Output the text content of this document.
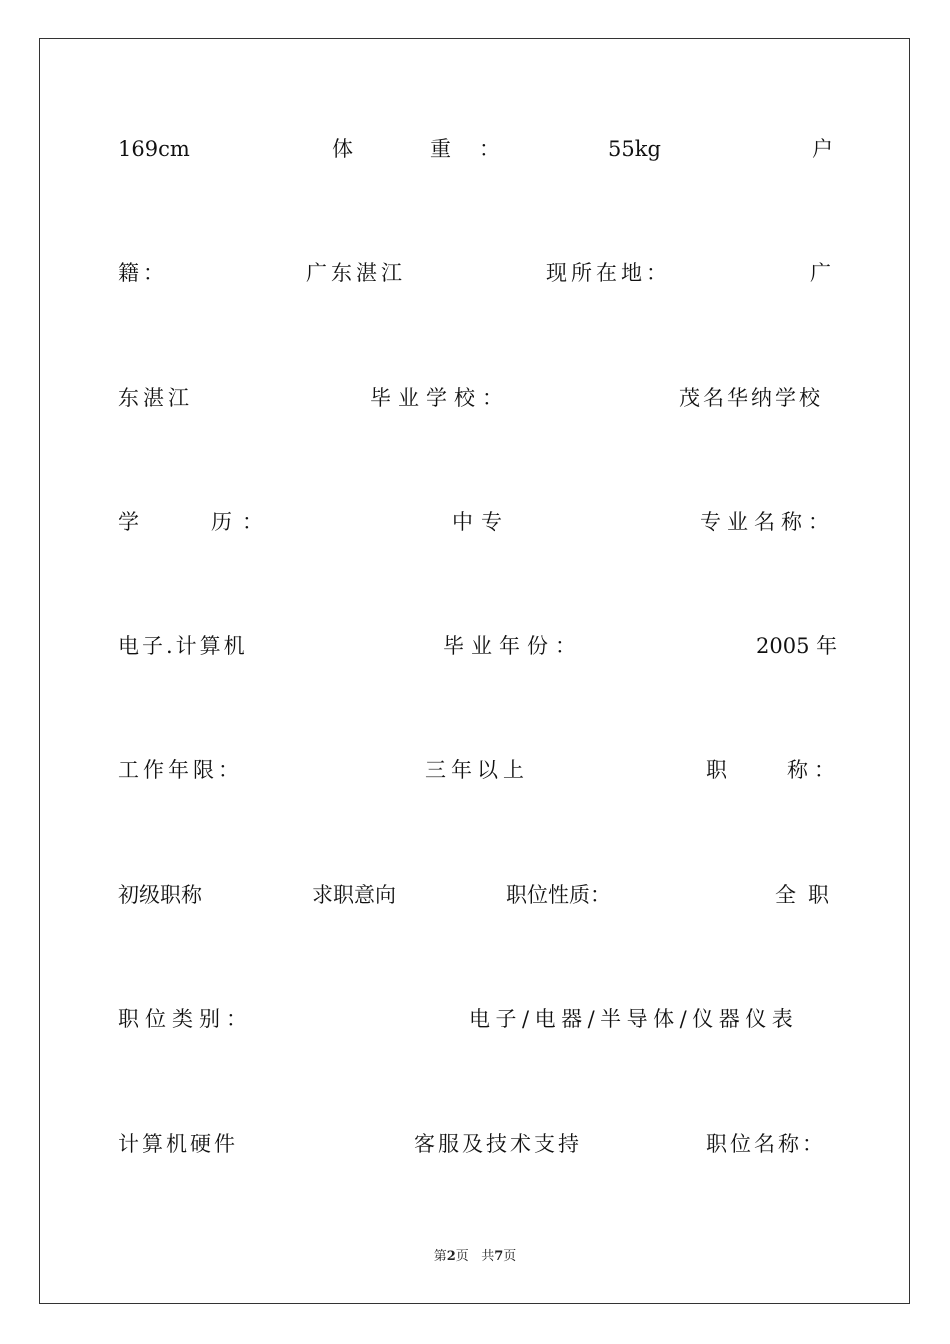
169cm	体　重：	55kg	户
籍：	广东湛江	现所在地：	广
东湛江	毕业学校：	茂名华纳学校
学　　历：	中专	专业名称：
电子.计算机	毕业年份：	2005 年
工作年限：	三年以上	职　　称：
初级职称	求职意向	职位性质：	全职
职位类别：	电子/电器/半导体/仪器仪表
计算机硬件	客服及技术支持	职位名称：
第2页 共7页
